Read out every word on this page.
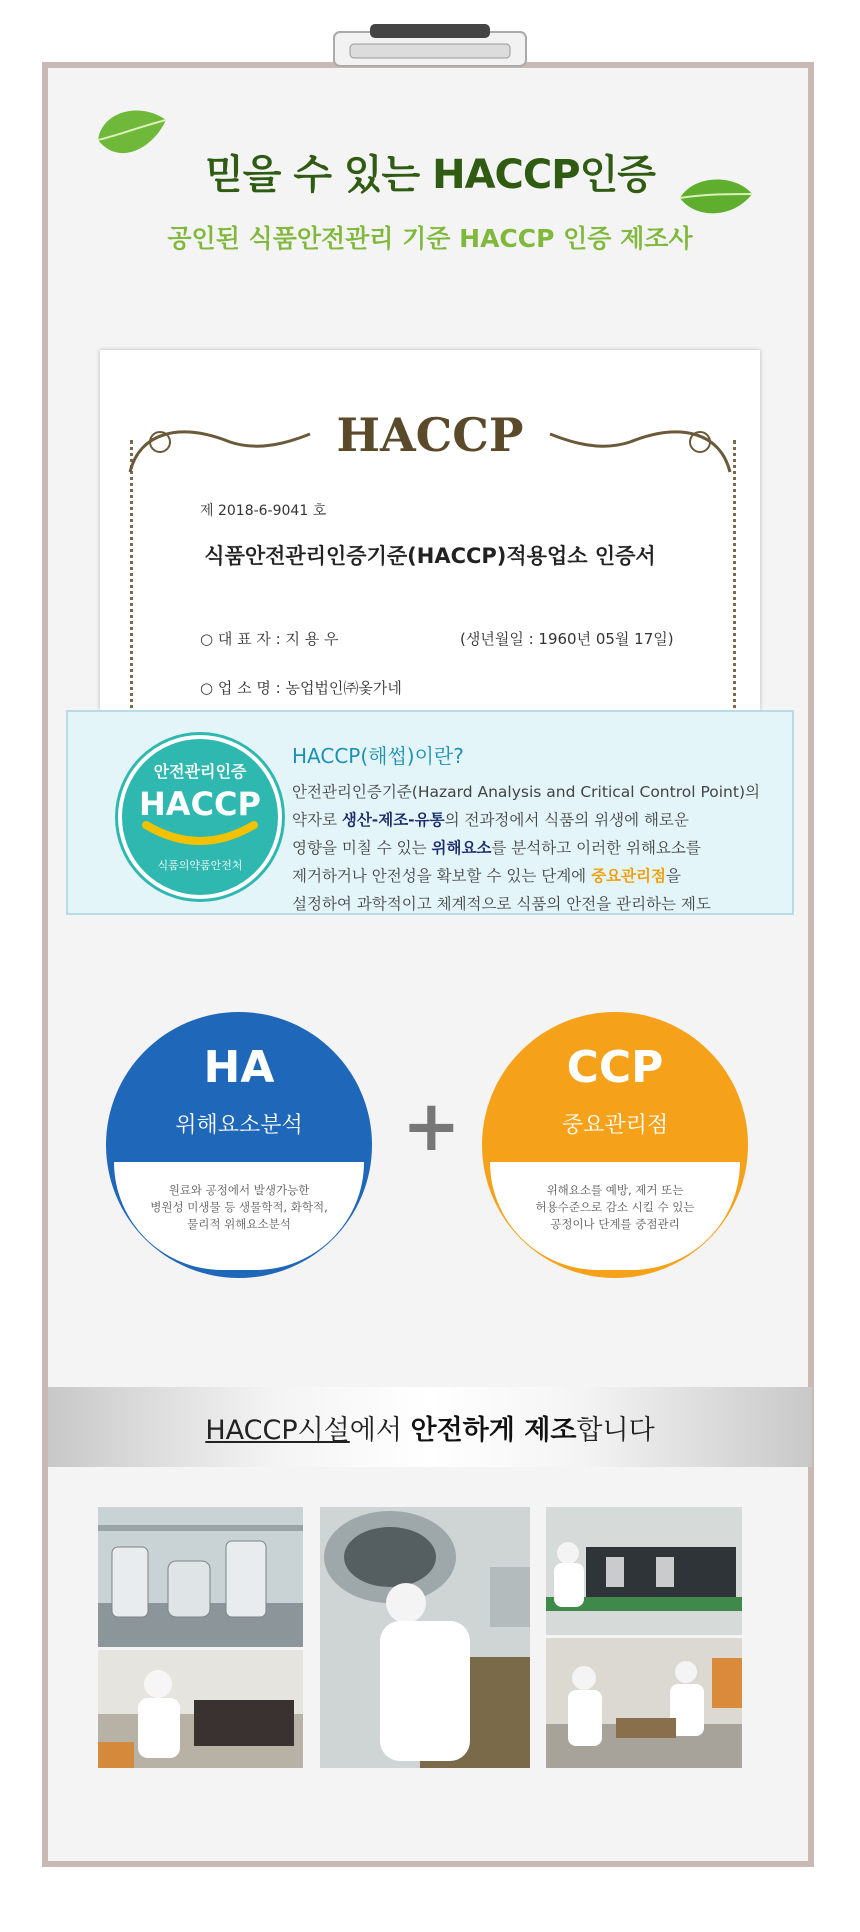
믿을 수 있는 HACCP인증
공인된 식품안전관리 기준 HACCP 인증 제조사
HACCP
제 2018-6-9041 호
식품안전관리인증기준(HACCP)적용업소 인증서
○ 대 표 자 : 지 용 우	(생년월일 : 1960년 05월 17일)
○ 업 소 명 : 농업법인㈜옻가네
안전관리인증
HACCP
식품의약품안전처
HACCP(해썹)이란?
안전관리인증기준(Hazard Analysis and Critical Control Point)의
약자로 생산-제조-유통의 전과정에서 식품의 위생에 해로운
영향을 미칠 수 있는 위해요소를 분석하고 이러한 위해요소를
제거하거나 안전성을 확보할 수 있는 단계에 중요관리점을
설정하여 과학적이고 체계적으로 식품의 안전을 관리하는 제도
HA
위해요소분석
원료와 공정에서 발생가능한
병원성 미생물 등 생물학적, 화학적,
물리적 위해요소분석
+
CCP
중요관리점
위해요소를 예방, 제거 또는
허용수준으로 감소 시킬 수 있는
공정이나 단계를 중점관리
HACCP시설에서 안전하게 제조합니다
